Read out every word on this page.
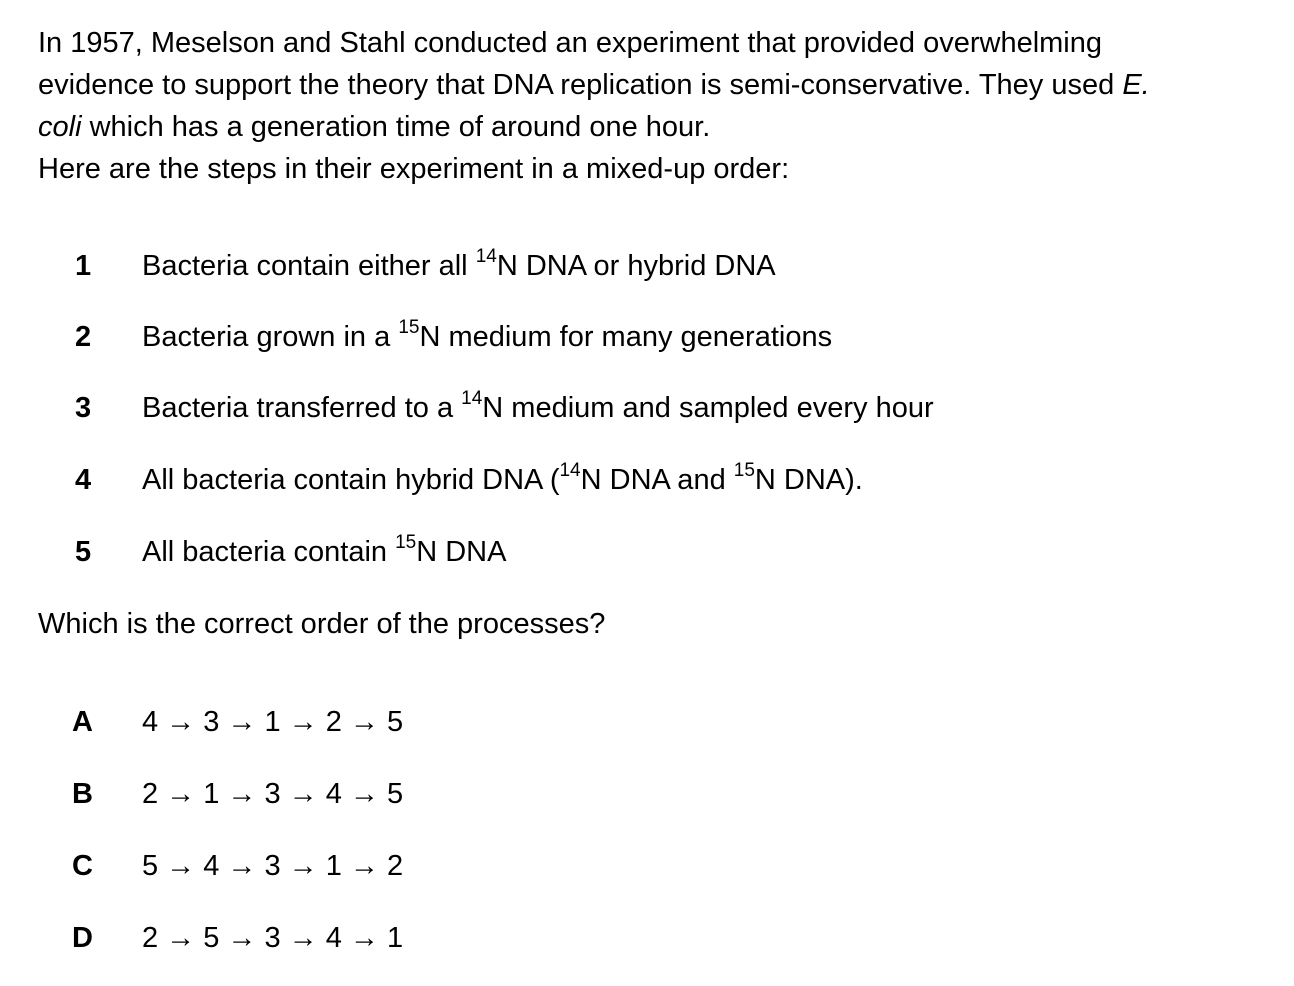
In 1957, Meselson and Stahl conducted an experiment that provided overwhelming
evidence to support the theory that DNA replication is semi-conservative. They used E.
coli which has a generation time of around one hour.
Here are the steps in their experiment in a mixed-up order:

1 Bacteria contain either all $^{14}$N DNA or hybrid DNA
2 Bacteria grown in a $^{15}$N medium for many generations
3 Bacteria transferred to a $^{14}$N medium and sampled every hour
4 All bacteria contain hybrid DNA ($^{14}$N DNA and $^{15}$N DNA).
5 All bacteria contain $^{15}$N DNA
Which is the correct order of the processes?
A 4 → 3 → 1 → 2 → 5
B 2 → 1 → 3 → 4 → 5
C 5 → 4 → 3 → 1 → 2
D 2 → 5 → 3 → 4 → 1
